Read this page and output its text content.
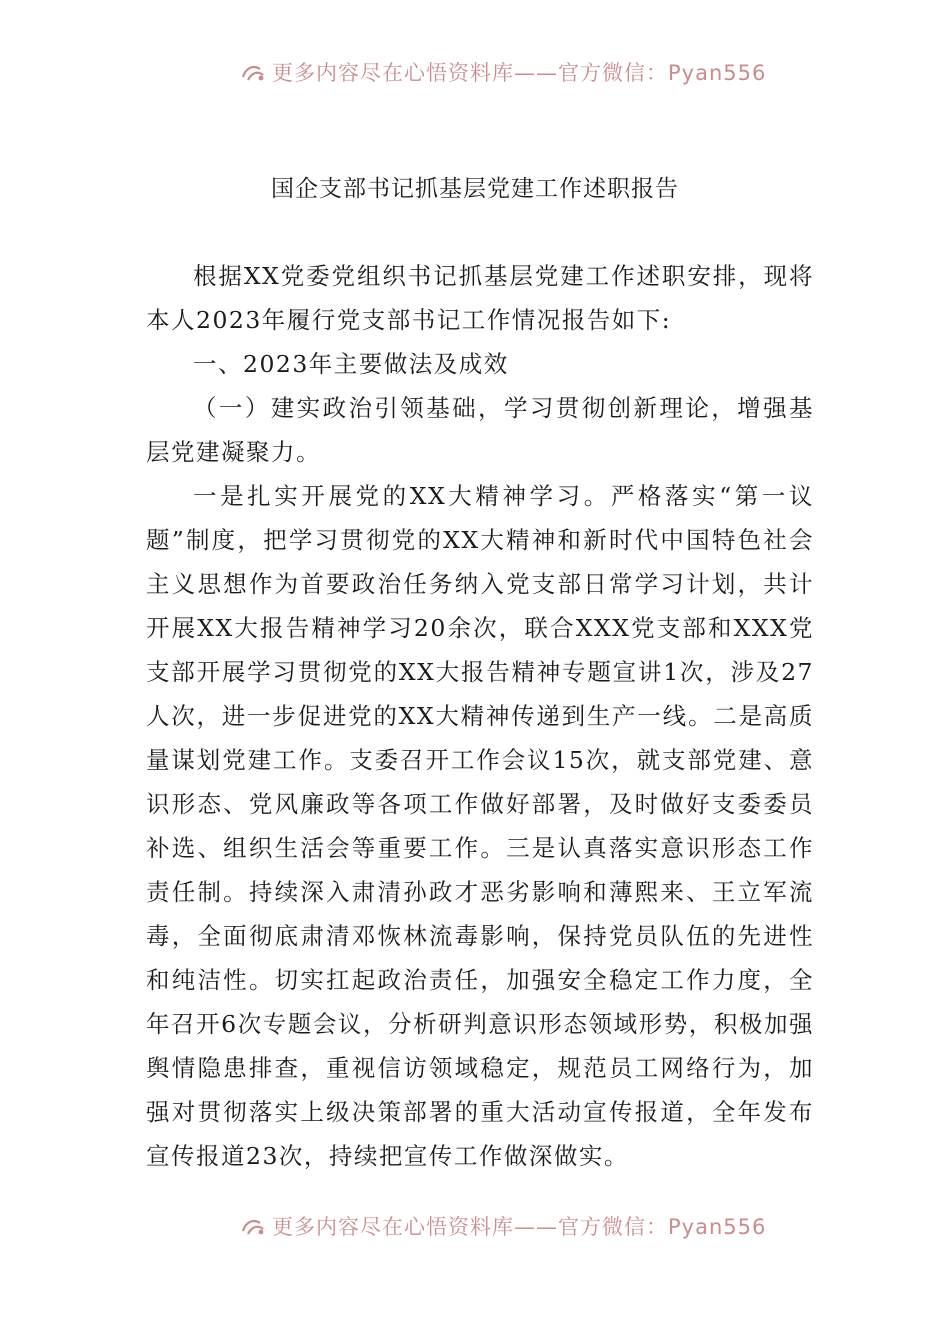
更多内容尽在心悟资料库——官方微信：Pyan556
国企支部书记抓基层党建工作述职报告

根据XX党委党组织书记抓基层党建工作述职安排，现将本人2023年履行党支部书记工作情况报告如下:

一、2023年主要做法及成效

（一）建实政治引领基础，学习贯彻创新理论，增强基层党建凝聚力。

一是扎实开展党的XX大精神学习。严格落实“第一议题”制度，把学习贯彻党的XX大精神和新时代中国特色社会主义思想作为首要政治任务纳入党支部日常学习计划，共计开展XX大报告精神学习20余次，联合XXX党支部和XXX党支部开展学习贯彻党的XX大报告精神专题宣讲1次，涉及27人次，进一步促进党的XX大精神传递到生产一线。二是高质量谋划党建工作。支委召开工作会议15次，就支部党建、意识形态、党风廉政等各项工作做好部署，及时做好支委委员补选、组织生活会等重要工作。三是认真落实意识形态工作责任制。持续深入肃清孙政才恶劣影响和薄熙来、王立军流毒，全面彻底肃清邓恢林流毒影响，保持党员队伍的先进性和纯洁性。切实扛起政治责任，加强安全稳定工作力度，全年召开6次专题会议，分析研判意识形态领域形势，积极加强舆情隐患排查，重视信访领域稳定，规范员工网络行为，加强对贯彻落实上级决策部署的重大活动宣传报道，全年发布宣传报道23次，持续把宣传工作做深做实。

更多内容尽在心悟资料库——官方微信：Pyan556
